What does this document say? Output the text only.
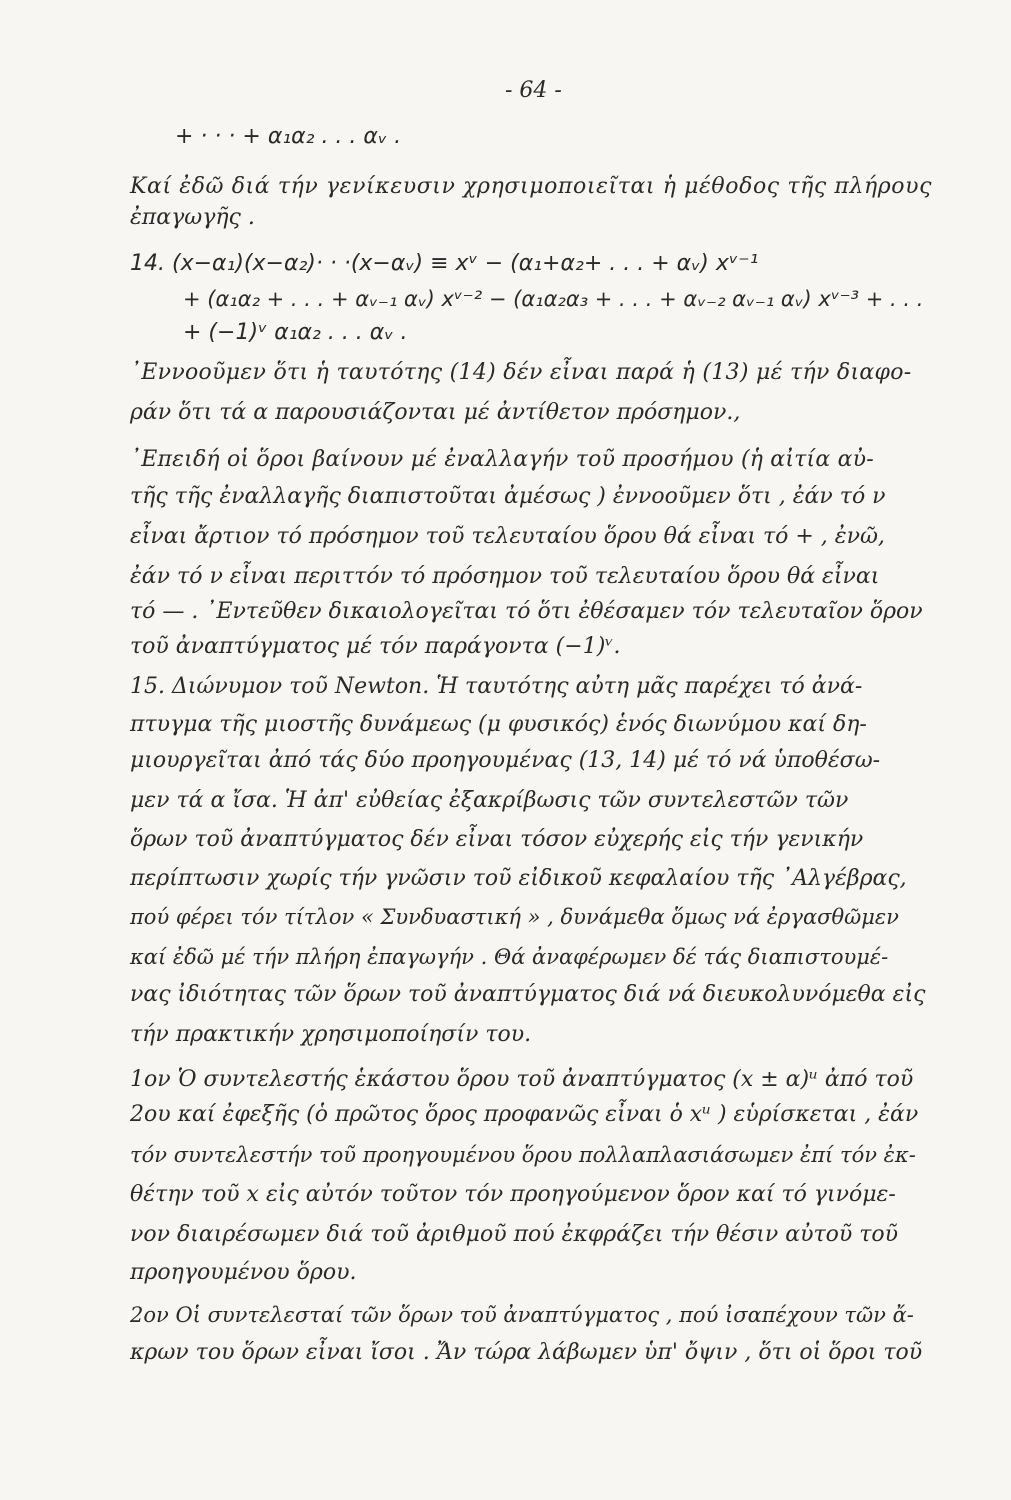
- 64 -
+ · · · + α₁α₂ . . . αᵥ .
Καί ἐδῶ διά τήν γενίκευσιν χρησιμοποιεῖται ἡ μέθοδος τῆς πλήρους
ἐπαγωγῆς .
14. (x−α₁)(x−α₂)· · ·(x−αᵥ) ≡ xᵛ − (α₁+α₂+ . . . + αᵥ) xᵛ⁻¹
+ (α₁α₂ + . . . + αᵥ₋₁ αᵥ) xᵛ⁻² − (α₁α₂α₃ + . . . + αᵥ₋₂ αᵥ₋₁ αᵥ) xᵛ⁻³ + . . .
+ (−1)ᵛ α₁α₂ . . . αᵥ .
᾿Εννοοῦμεν ὅτι ἡ ταυτότης (14) δέν εἶναι παρά ἡ (13) μέ τήν διαφο-
ράν ὅτι τά α παρουσιάζονται μέ ἀντίθετον πρόσημον.,
᾿Επειδή οἱ ὅροι βαίνουν μέ ἐναλλαγήν τοῦ προσήμου (ἡ αἰτία αὐ-
τῆς τῆς ἐναλλαγῆς διαπιστοῦται ἀμέσως ) ἐννοοῦμεν ὅτι , ἐάν τό ν
εἶναι ἄρτιον τό πρόσημον τοῦ τελευταίου ὅρου θά εἶναι τό + , ἐνῶ,
ἐάν τό ν εἶναι περιττόν τό πρόσημον τοῦ τελευταίου ὅρου θά εἶναι
τό — . ᾿Εντεῦθεν δικαιολογεῖται τό ὅτι ἐθέσαμεν τόν τελευταῖον ὅρον
τοῦ ἀναπτύγματος μέ τόν παράγοντα (−1)ᵛ.
15. Διώνυμον τοῦ Newton. Ἡ ταυτότης αὐτη μᾶς παρέχει τό ἀνά-
πτυγμα τῆς μιοστῆς δυνάμεως (μ φυσικός) ἑνός διωνύμου καί δη-
μιουργεῖται ἀπό τάς δύο προηγουμένας (13, 14) μέ τό νά ὑποθέσω-
μεν τά α ἴσα. Ἡ ἀπ' εὐθείας ἐξακρίβωσις τῶν συντελεστῶν τῶν
ὅρων τοῦ ἀναπτύγματος δέν εἶναι τόσον εὐχερής εἰς τήν γενικήν
περίπτωσιν χωρίς τήν γνῶσιν τοῦ εἰδικοῦ κεφαλαίου τῆς ᾿Αλγέβρας,
πού φέρει τόν τίτλον « Συνδυαστική » , δυνάμεθα ὅμως νά ἐργασθῶμεν
καί ἐδῶ μέ τήν πλήρη ἐπαγωγήν . Θά ἀναφέρωμεν δέ τάς διαπιστουμέ-
νας ἰδιότητας τῶν ὅρων τοῦ ἀναπτύγματος διά νά διευκολυνόμεθα εἰς
τήν πρακτικήν χρησιμοποίησίν του.
1ον Ὁ συντελεστής ἑκάστου ὅρου τοῦ ἀναπτύγματος (x ± α)ᵘ ἀπό τοῦ
2ου καί ἐφεξῆς (ὁ πρῶτος ὅρος προφανῶς εἶναι ὁ xᵘ ) εὑρίσκεται , ἐάν
τόν συντελεστήν τοῦ προηγουμένου ὅρου πολλαπλασιάσωμεν ἐπί τόν ἐκ-
θέτην τοῦ x εἰς αὐτόν τοῦτον τόν προηγούμενον ὅρον καί τό γινόμε-
νον διαιρέσωμεν διά τοῦ ἀριθμοῦ πού ἐκφράζει τήν θέσιν αὐτοῦ τοῦ
προηγουμένου ὅρου.
2ον Οἱ συντελεσταί τῶν ὅρων τοῦ ἀναπτύγματος , πού ἰσαπέχουν τῶν ἄ-
κρων του ὅρων εἶναι ἴσοι . Ἄν τώρα λάβωμεν ὑπ' ὄψιν , ὅτι οἱ ὅροι τοῦ
